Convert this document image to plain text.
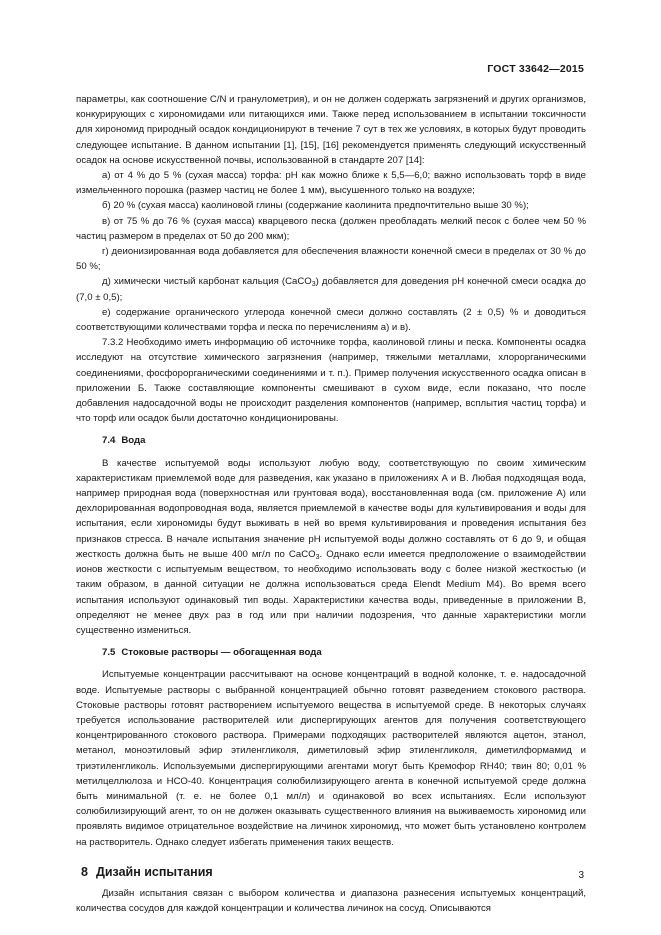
ГОСТ 33642—2015

параметры, как соотношение C/N и гранулометрия), и он не должен содержать загрязнений и других организмов, конкурирующих с хирономидами или питающихся ими. Также перед использованием в испытании токсичности для хирономид природный осадок кондиционируют в течение 7 сут в тех же условиях, в которых будут проводить следующее испытание. В данном испытании [1], [15], [16] рекомендуется применять следующий искусственный осадок на основе искусственной почвы, использованной в стандарте 207 [14]:

а) от 4 % до 5 % (сухая масса) торфа: pH как можно ближе к 5,5—6,0; важно использовать торф в виде измельченного порошка (размер частиц не более 1 мм), высушенного только на воздухе;

б) 20 % (сухая масса) каолиновой глины (содержание каолинита предпочтительно выше 30 %);

в) от 75 % до 76 % (сухая масса) кварцевого песка (должен преобладать мелкий песок с более чем 50 % частиц размером в пределах от 50 до 200 мкм);

г) деионизированная вода добавляется для обеспечения влажности конечной смеси в пределах от 30 % до 50 %;

д) химически чистый карбонат кальция (CaCO$_3$) добавляется для доведения pH конечной смеси осадка до (7,0 ± 0,5);

е) содержание органического углерода конечной смеси должно составлять (2 ± 0,5) % и доводиться соответствующими количествами торфа и песка по перечислениям а) и в).

7.3.2 Необходимо иметь информацию об источнике торфа, каолиновой глины и песка. Компоненты осадка исследуют на отсутствие химического загрязнения (например, тяжелыми металлами, хлорорганическими соединениями, фосфорорганическими соединениями и т. п.). Пример получения искусственного осадка описан в приложении Б. Также составляющие компоненты смешивают в сухом виде, если показано, что после добавления надосадочной воды не происходит разделения компонентов (например, всплытия частиц торфа) и что торф или осадок были достаточно кондиционированы.

7.4 Вода

В качестве испытуемой воды используют любую воду, соответствующую по своим химическим характеристикам приемлемой воде для разведения, как указано в приложениях А и В. Любая подходящая вода, например природная вода (поверхностная или грунтовая вода), восстановленная вода (см. приложение А) или дехлорированная водопроводная вода, является приемлемой в качестве воды для культивирования и воды для испытания, если хирономиды будут выживать в ней во время культивирования и проведения испытания без признаков стресса. В начале испытания значение pH испытуемой воды должно составлять от 6 до 9, и общая жесткость должна быть не выше 400 мг/л по CaCO$_3$. Однако если имеется предположение о взаимодействии ионов жесткости с испытуемым веществом, то необходимо использовать воду с более низкой жесткостью (и таким образом, в данной ситуации не должна использоваться среда Elendt Medium M4). Во время всего испытания используют одинаковый тип воды. Характеристики качества воды, приведенные в приложении В, определяют не менее двух раз в год или при наличии подозрения, что данные характеристики могли существенно измениться.

7.5 Стоковые растворы — обогащенная вода

Испытуемые концентрации рассчитывают на основе концентраций в водной колонке, т. е. надосадочной воде. Испытуемые растворы с выбранной концентрацией обычно готовят разведением стокового раствора. Стоковые растворы готовят растворением испытуемого вещества в испытуемой среде. В некоторых случаях требуется использование растворителей или диспергирующих агентов для получения соответствующего концентрированного стокового раствора. Примерами подходящих растворителей являются ацетон, этанол, метанол, моноэтиловый эфир этиленгликоля, диметиловый эфир этиленгликоля, диметилформамид и триэтиленгликоль. Используемыми диспергирующими агентами могут быть Кремофор RH40; твин 80; 0,01 % метилцеллюлоза и НСО-40. Концентрация солюбилизирующего агента в конечной испытуемой среде должна быть минимальной (т. е. не более 0,1 мл/л) и одинаковой во всех испытаниях. Если используют солюбилизирующий агент, то он не должен оказывать существенного влияния на выживаемость хирономид или проявлять видимое отрицательное воздействие на личинок хирономид, что может быть установлено контролем на растворитель. Однако следует избегать применения таких веществ.

8 Дизайн испытания

Дизайн испытания связан с выбором количества и диапазона разнесения испытуемых концентраций, количества сосудов для каждой концентрации и количества личинок на сосуд. Описываются

3
